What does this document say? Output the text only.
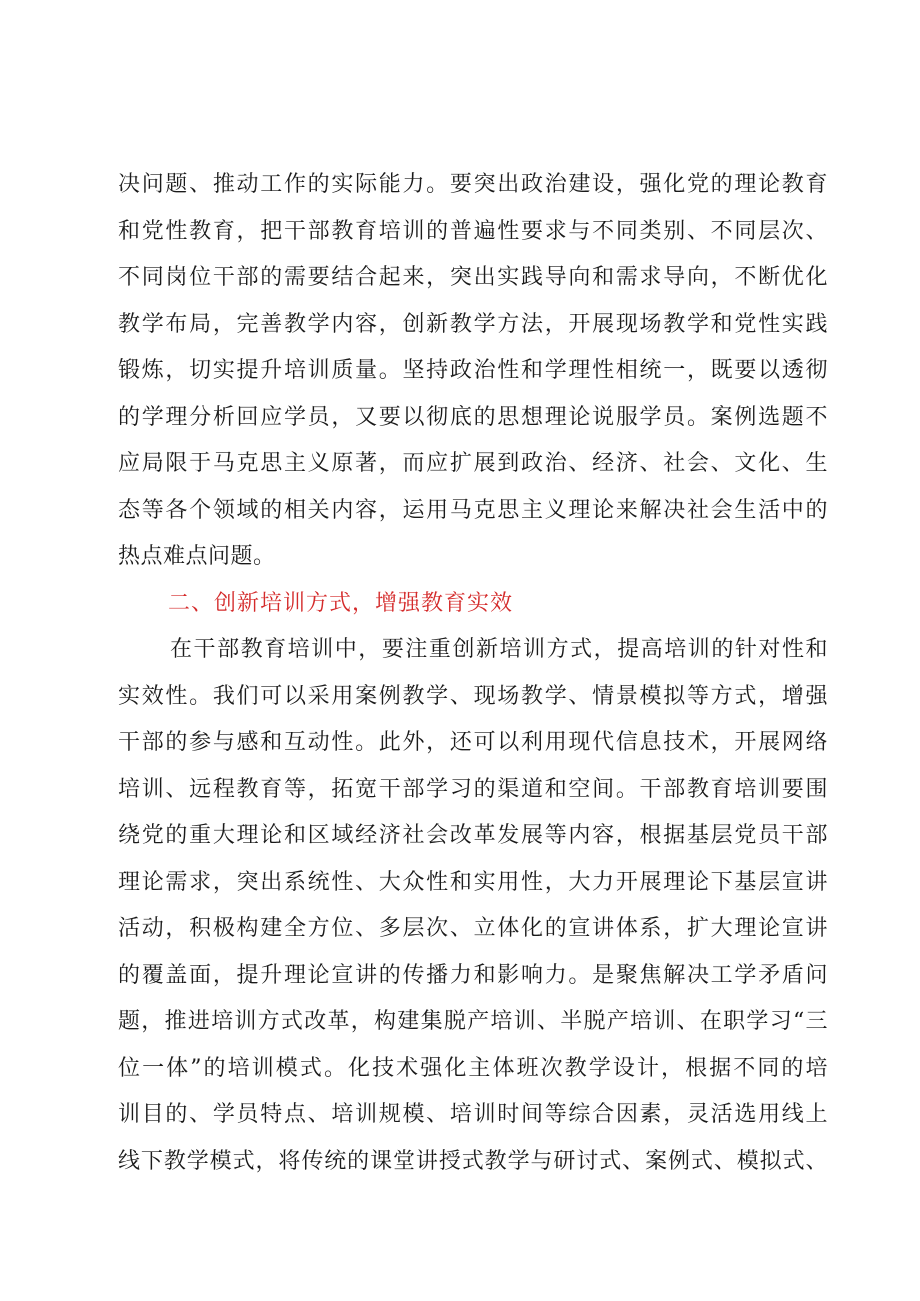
决问题、推动工作的实际能力。要突出政治建设，强化党的理论教育
和党性教育，把干部教育培训的普遍性要求与不同类别、不同层次、
不同岗位干部的需要结合起来，突出实践导向和需求导向，不断优化
教学布局，完善教学内容，创新教学方法，开展现场教学和党性实践
锻炼，切实提升培训质量。坚持政治性和学理性相统一，既要以透彻
的学理分析回应学员，又要以彻底的思想理论说服学员。案例选题不
应局限于马克思主义原著，而应扩展到政治、经济、社会、文化、生
态等各个领域的相关内容，运用马克思主义理论来解决社会生活中的
热点难点问题。
二、创新培训方式，增强教育实效
在干部教育培训中，要注重创新培训方式，提高培训的针对性和
实效性。我们可以采用案例教学、现场教学、情景模拟等方式，增强
干部的参与感和互动性。此外，还可以利用现代信息技术，开展网络
培训、远程教育等，拓宽干部学习的渠道和空间。干部教育培训要围
绕党的重大理论和区域经济社会改革发展等内容，根据基层党员干部
理论需求，突出系统性、大众性和实用性，大力开展理论下基层宣讲
活动，积极构建全方位、多层次、立体化的宣讲体系，扩大理论宣讲
的覆盖面，提升理论宣讲的传播力和影响力。是聚焦解决工学矛盾问
题，推进培训方式改革，构建集脱产培训、半脱产培训、在职学习“三
位一体”的培训模式。化技术强化主体班次教学设计，根据不同的培
训目的、学员特点、培训规模、培训时间等综合因素，灵活选用线上
线下教学模式，将传统的课堂讲授式教学与研讨式、案例式、模拟式、
